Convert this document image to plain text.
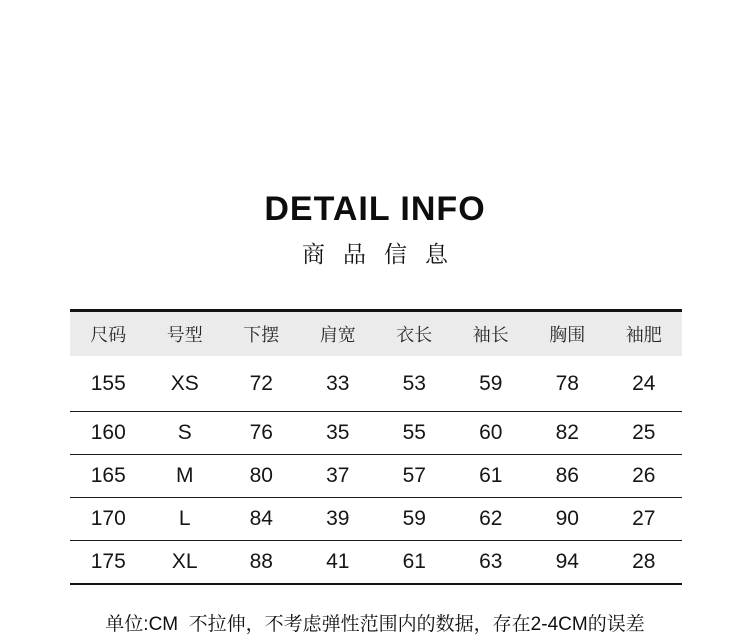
DETAIL INFO
商品信息
尺码	号型	下摆	肩宽	衣长	袖长	胸围	袖肥
155	XS	72	33	53	59	78	24
160	S	76	35	55	60	82	25
165	M	80	37	57	61	86	26
170	L	84	39	59	62	90	27
175	XL	88	41	61	63	94	28
单位:CM  不拉伸，不考虑弹性范围内的数据，存在2-4CM的误差
